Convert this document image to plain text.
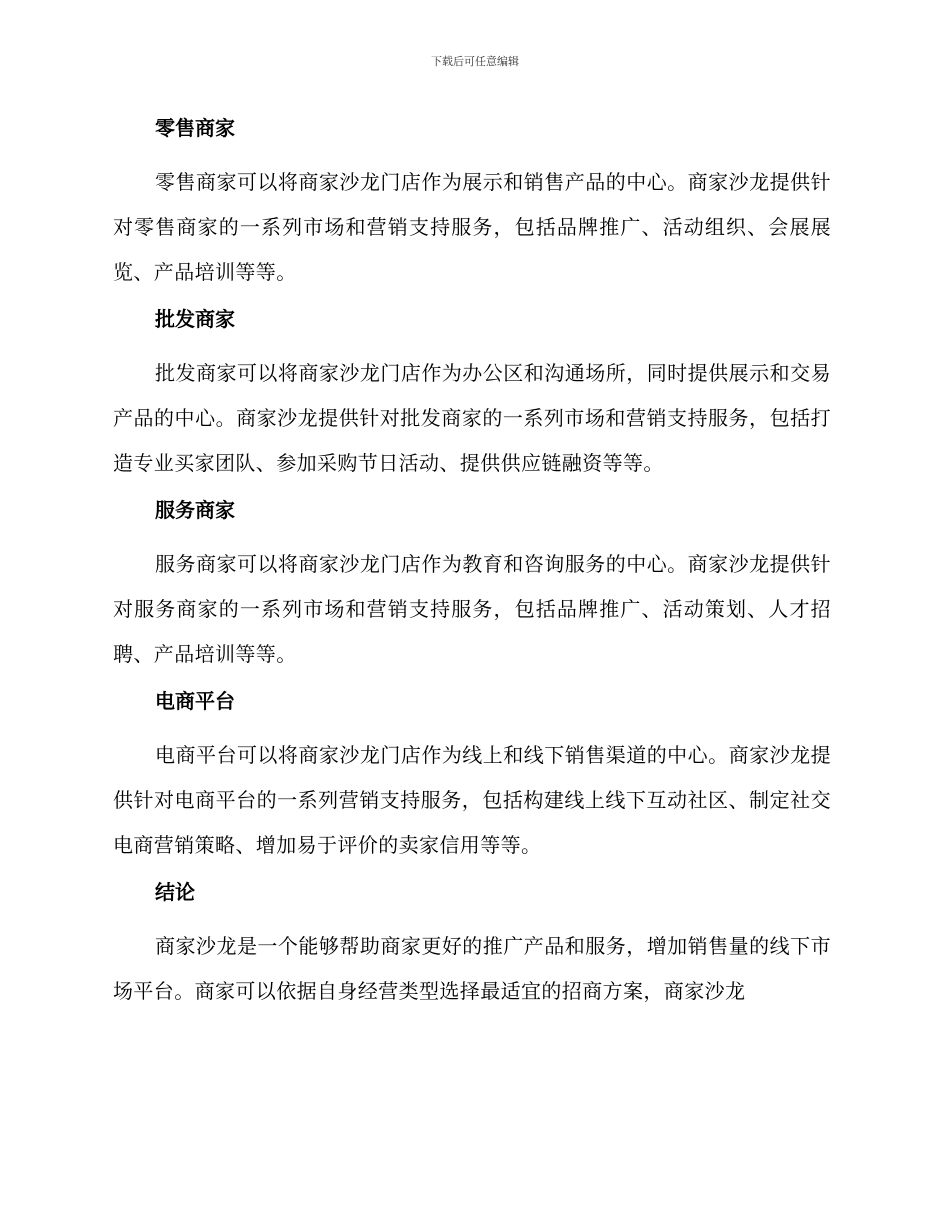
下载后可任意编辑
零售商家

零售商家可以将商家沙龙门店作为展示和销售产品的中心。商家沙龙提供针对零售商家的一系列市场和营销支持服务，包括品牌推广、活动组织、会展展览、产品培训等等。

批发商家

批发商家可以将商家沙龙门店作为办公区和沟通场所，同时提供展示和交易产品的中心。商家沙龙提供针对批发商家的一系列市场和营销支持服务，包括打造专业买家团队、参加采购节日活动、提供供应链融资等等。

服务商家

服务商家可以将商家沙龙门店作为教育和咨询服务的中心。商家沙龙提供针对服务商家的一系列市场和营销支持服务，包括品牌推广、活动策划、人才招聘、产品培训等等。

电商平台

电商平台可以将商家沙龙门店作为线上和线下销售渠道的中心。商家沙龙提供针对电商平台的一系列营销支持服务，包括构建线上线下互动社区、制定社交电商营销策略、增加易于评价的卖家信用等等。

结论

商家沙龙是一个能够帮助商家更好的推广产品和服务，增加销售量的线下市场平台。商家可以依据自身经营类型选择最适宜的招商方案，商家沙龙
